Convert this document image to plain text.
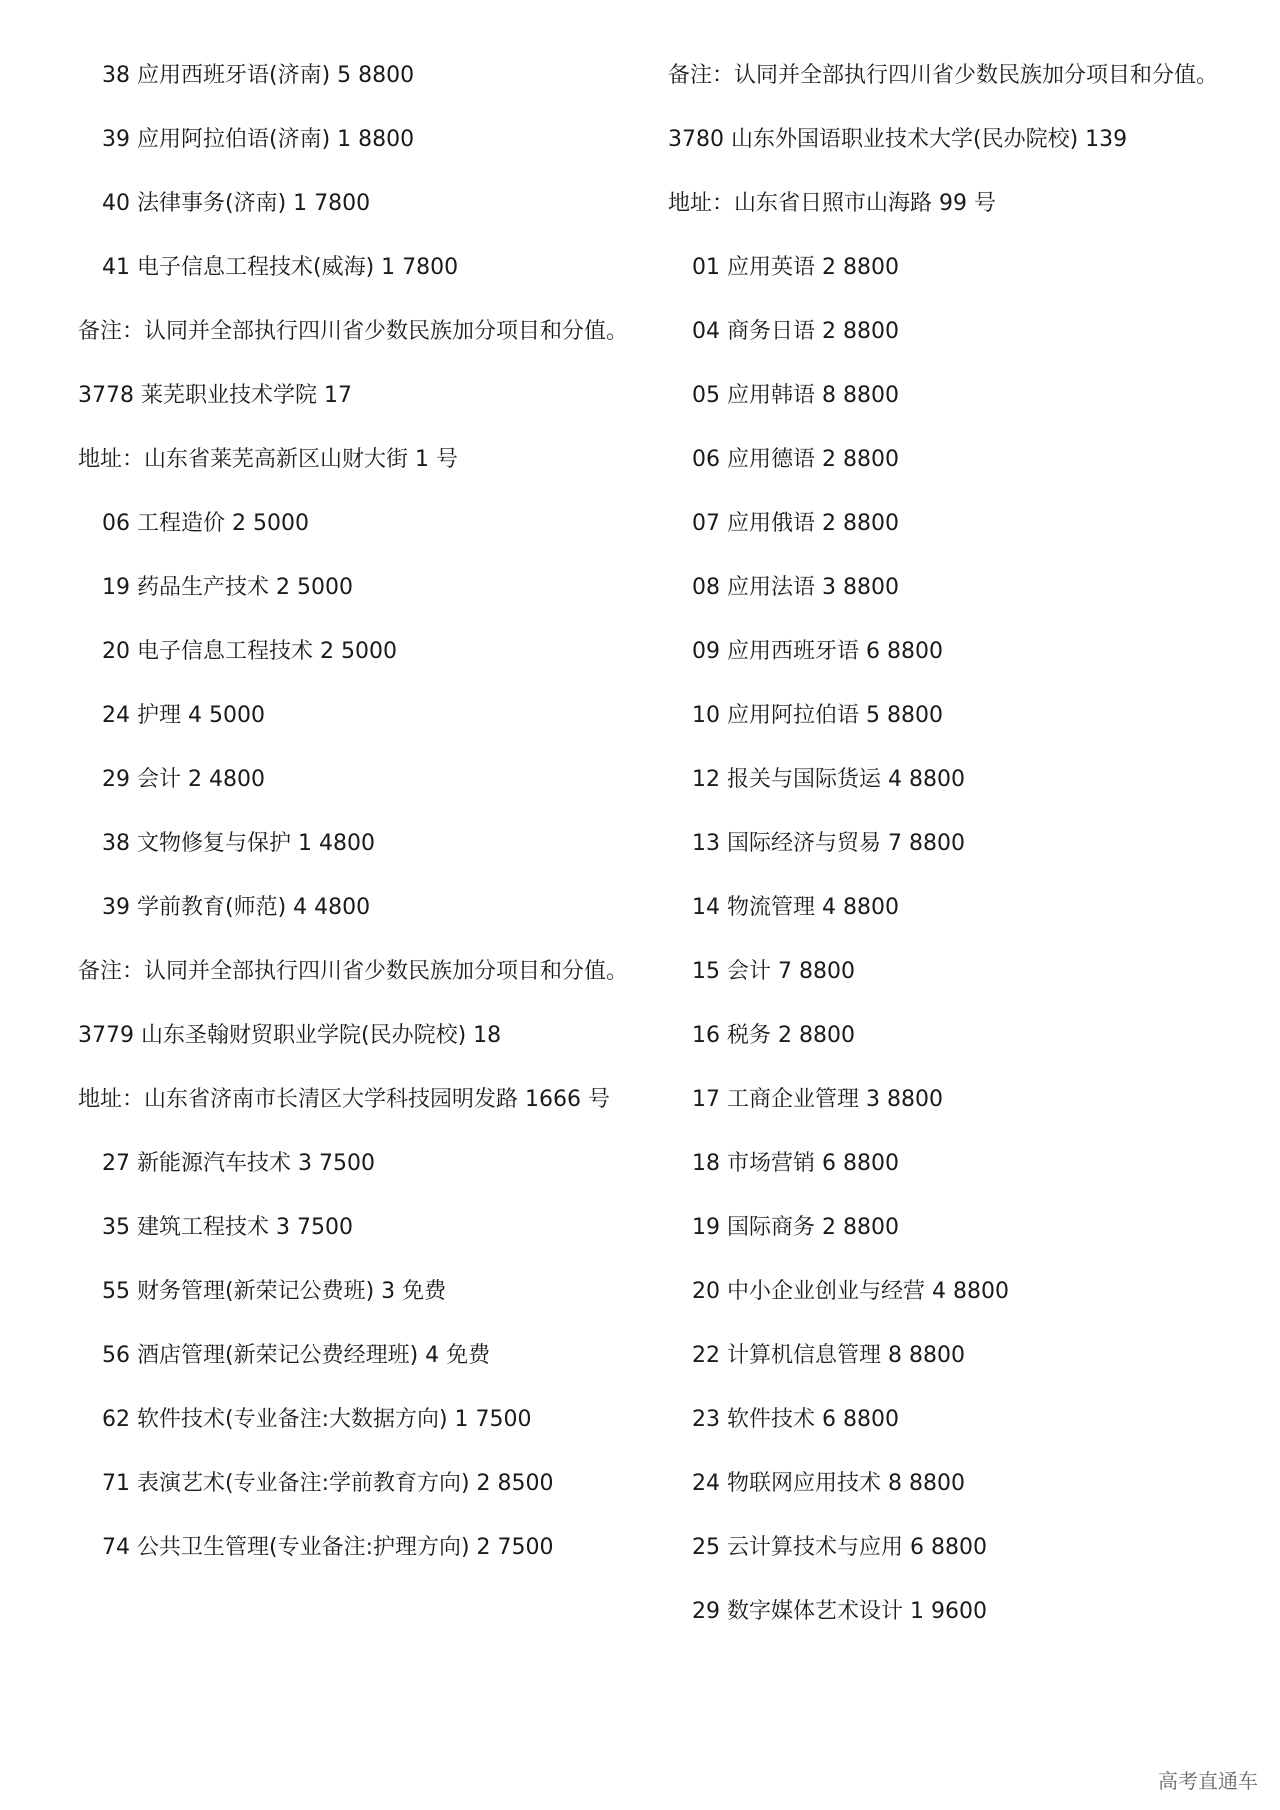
38 应用西班牙语(济南) 5 8800
39 应用阿拉伯语(济南) 1 8800
40 法律事务(济南) 1 7800
41 电子信息工程技术(威海) 1 7800
备注：认同并全部执行四川省少数民族加分项目和分值。
3778 莱芜职业技术学院 17
地址：山东省莱芜高新区山财大街 1 号
06 工程造价 2 5000
19 药品生产技术 2 5000
20 电子信息工程技术 2 5000
24 护理 4 5000
29 会计 2 4800
38 文物修复与保护 1 4800
39 学前教育(师范) 4 4800
备注：认同并全部执行四川省少数民族加分项目和分值。
3779 山东圣翰财贸职业学院(民办院校) 18
地址：山东省济南市长清区大学科技园明发路 1666 号
27 新能源汽车技术 3 7500
35 建筑工程技术 3 7500
55 财务管理(新荣记公费班) 3 免费
56 酒店管理(新荣记公费经理班) 4 免费
62 软件技术(专业备注:大数据方向) 1 7500
71 表演艺术(专业备注:学前教育方向) 2 8500
74 公共卫生管理(专业备注:护理方向) 2 7500
备注：认同并全部执行四川省少数民族加分项目和分值。
3780 山东外国语职业技术大学(民办院校) 139
地址：山东省日照市山海路 99 号
01 应用英语 2 8800
04 商务日语 2 8800
05 应用韩语 8 8800
06 应用德语 2 8800
07 应用俄语 2 8800
08 应用法语 3 8800
09 应用西班牙语 6 8800
10 应用阿拉伯语 5 8800
12 报关与国际货运 4 8800
13 国际经济与贸易 7 8800
14 物流管理 4 8800
15 会计 7 8800
16 税务 2 8800
17 工商企业管理 3 8800
18 市场营销 6 8800
19 国际商务 2 8800
20 中小企业创业与经营 4 8800
22 计算机信息管理 8 8800
23 软件技术 6 8800
24 物联网应用技术 8 8800
25 云计算技术与应用 6 8800
29 数字媒体艺术设计 1 9600
高考直通车
